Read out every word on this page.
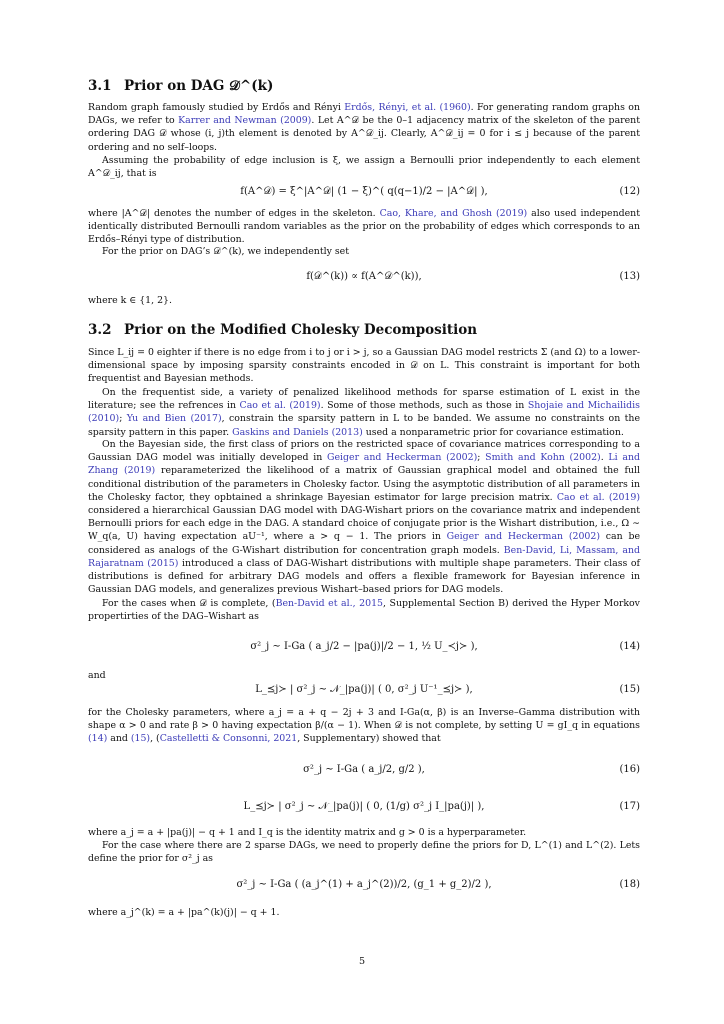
3.1 Prior on DAG 𝒟^(k)
Random graph famously studied by Erdős and Rényi Erdős, Rényi, et al. (1960). For generating random graphs on DAGs, we refer to Karrer and Newman (2009). Let A^𝒟 be the 0–1 adjacency matrix of the skeleton of the parent ordering DAG 𝒟 whose (i, j)th element is denoted by A^𝒟_ij. Clearly, A^𝒟_ij = 0 for i ≤ j because of the parent ordering and no self–loops.
Assuming the probability of edge inclusion is ξ, we assign a Bernoulli prior independently to each element A^𝒟_ij, that is
f(A^𝒟) = ξ^|A^𝒟| (1 − ξ)^( q(q−1)/2 − |A^𝒟| ),	(12)
where |A^𝒟| denotes the number of edges in the skeleton. Cao, Khare, and Ghosh (2019) also used independent identically distributed Bernoulli random variables as the prior on the probability of edges which corresponds to an Erdős–Rényi type of distribution.
For the prior on DAG’s 𝒟^(k), we independently set
f(𝒟^(k)) ∝ f(A^𝒟^(k)),	(13)
where k ∈ {1, 2}.
3.2 Prior on the Modified Cholesky Decomposition
Since L_ij = 0 eighter if there is no edge from i to j or i > j, so a Gaussian DAG model restricts Σ (and Ω) to a lower-dimensional space by imposing sparsity constraints encoded in 𝒟 on L. This constraint is important for both frequentist and Bayesian methods.
On the frequentist side, a variety of penalized likelihood methods for sparse estimation of L exist in the literature; see the refrences in Cao et al. (2019). Some of those methods, such as those in Shojaie and Michailidis (2010); Yu and Bien (2017), constrain the sparsity pattern in L to be banded. We assume no constraints on the sparsity pattern in this paper. Gaskins and Daniels (2013) used a nonparametric prior for covariance estimation.
On the Bayesian side, the first class of priors on the restricted space of covariance matrices corresponding to a Gaussian DAG model was initially developed in Geiger and Heckerman (2002); Smith and Kohn (2002). Li and Zhang (2019) reparameterized the likelihood of a matrix of Gaussian graphical model and obtained the full conditional distribution of the parameters in Cholesky factor. Using the asymptotic distribution of all parameters in the Cholesky factor, they opbtained a shrinkage Bayesian estimator for large precision matrix. Cao et al. (2019) considered a hierarchical Gaussian DAG model with DAG-Wishart priors on the covariance matrix and independent Bernoulli priors for each edge in the DAG. A standard choice of conjugate prior is the Wishart distribution, i.e., Ω ∼ W_q(a, U) having expectation aU⁻¹, where a > q − 1. The priors in Geiger and Heckerman (2002) can be considered as analogs of the G-Wishart distribution for concentration graph models. Ben-David, Li, Massam, and Rajaratnam (2015) introduced a class of DAG-Wishart distributions with multiple shape parameters. Their class of distributions is defined for arbitrary DAG models and offers a flexible framework for Bayesian inference in Gaussian DAG models, and generalizes previous Wishart–based priors for DAG models.
For the cases when 𝒟 is complete, (Ben-David et al., 2015, Supplemental Section B) derived the Hyper Morkov propertirties of the DAG–Wishart as
σ²_j ∼ I-Ga ( a_j/2 − |pa(j)|/2 − 1, ½ U_≺j≻ ),	(14)
and
L_⪯j≻ | σ²_j ∼ 𝒩_|pa(j)| ( 0, σ²_j U⁻¹_⪯j≻ ),	(15)
for the Cholesky parameters, where a_j = a + q − 2j + 3 and I-Ga(α, β) is an Inverse–Gamma distribution with shape α > 0 and rate β > 0 having expectation β/(α − 1). When 𝒟 is not complete, by setting U = gI_q in equations (14) and (15), (Castelletti & Consonni, 2021, Supplementary) showed that
σ²_j ∼ I-Ga ( a_j/2, g/2 ),	(16)
L_⪯j≻ | σ²_j ∼ 𝒩_|pa(j)| ( 0, (1/g) σ²_j I_|pa(j)| ),	(17)
where a_j = a + |pa(j)| − q + 1 and I_q is the identity matrix and g > 0 is a hyperparameter.
For the case where there are 2 sparse DAGs, we need to properly define the priors for D, L^(1) and L^(2). Lets define the prior for σ²_j as
σ²_j ∼ I-Ga ( (a_j^(1) + a_j^(2))/2, (g_1 + g_2)/2 ),	(18)
where a_j^(k) = a + |pa^(k)(j)| − q + 1.
5
